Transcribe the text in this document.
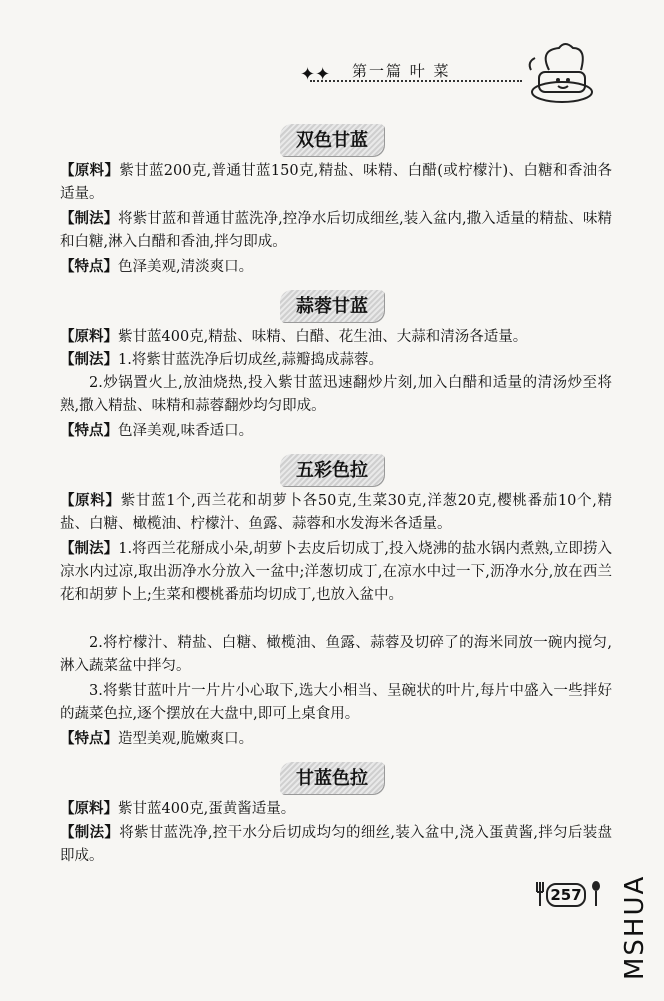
✦✦ 第一篇 叶 菜
双色甘蓝
【原料】紫甘蓝200克,普通甘蓝150克,精盐、味精、白醋(或柠檬汁)、白糖和香油各适量。
【制法】将紫甘蓝和普通甘蓝洗净,控净水后切成细丝,装入盆内,撒入适量的精盐、味精和白糖,淋入白醋和香油,拌匀即成。
【特点】色泽美观,清淡爽口。
蒜蓉甘蓝
【原料】紫甘蓝400克,精盐、味精、白醋、花生油、大蒜和清汤各适量。
【制法】1.将紫甘蓝洗净后切成丝,蒜瓣捣成蒜蓉。
2.炒锅置火上,放油烧热,投入紫甘蓝迅速翻炒片刻,加入白醋和适量的清汤炒至将熟,撒入精盐、味精和蒜蓉翻炒均匀即成。
【特点】色泽美观,味香适口。
五彩色拉
【原料】紫甘蓝1个,西兰花和胡萝卜各50克,生菜30克,洋葱20克,樱桃番茄10个,精盐、白糖、橄榄油、柠檬汁、鱼露、蒜蓉和水发海米各适量。
【制法】1.将西兰花掰成小朵,胡萝卜去皮后切成丁,投入烧沸的盐水锅内煮熟,立即捞入凉水内过凉,取出沥净水分放入一盆中;洋葱切成丁,在凉水中过一下,沥净水分,放在西兰花和胡萝卜上;生菜和樱桃番茄均切成丁,也放入盆中。
2.将柠檬汁、精盐、白糖、橄榄油、鱼露、蒜蓉及切碎了的海米同放一碗内搅匀,淋入蔬菜盆中拌匀。
3.将紫甘蓝叶片一片片小心取下,选大小相当、呈碗状的叶片,每片中盛入一些拌好的蔬菜色拉,逐个摆放在大盘中,即可上桌食用。
【特点】造型美观,脆嫩爽口。
甘蓝色拉
【原料】紫甘蓝400克,蛋黄酱适量。
【制法】将紫甘蓝洗净,控干水分后切成均匀的细丝,装入盆中,浇入蛋黄酱,拌匀后装盘即成。
257 MSHUA
